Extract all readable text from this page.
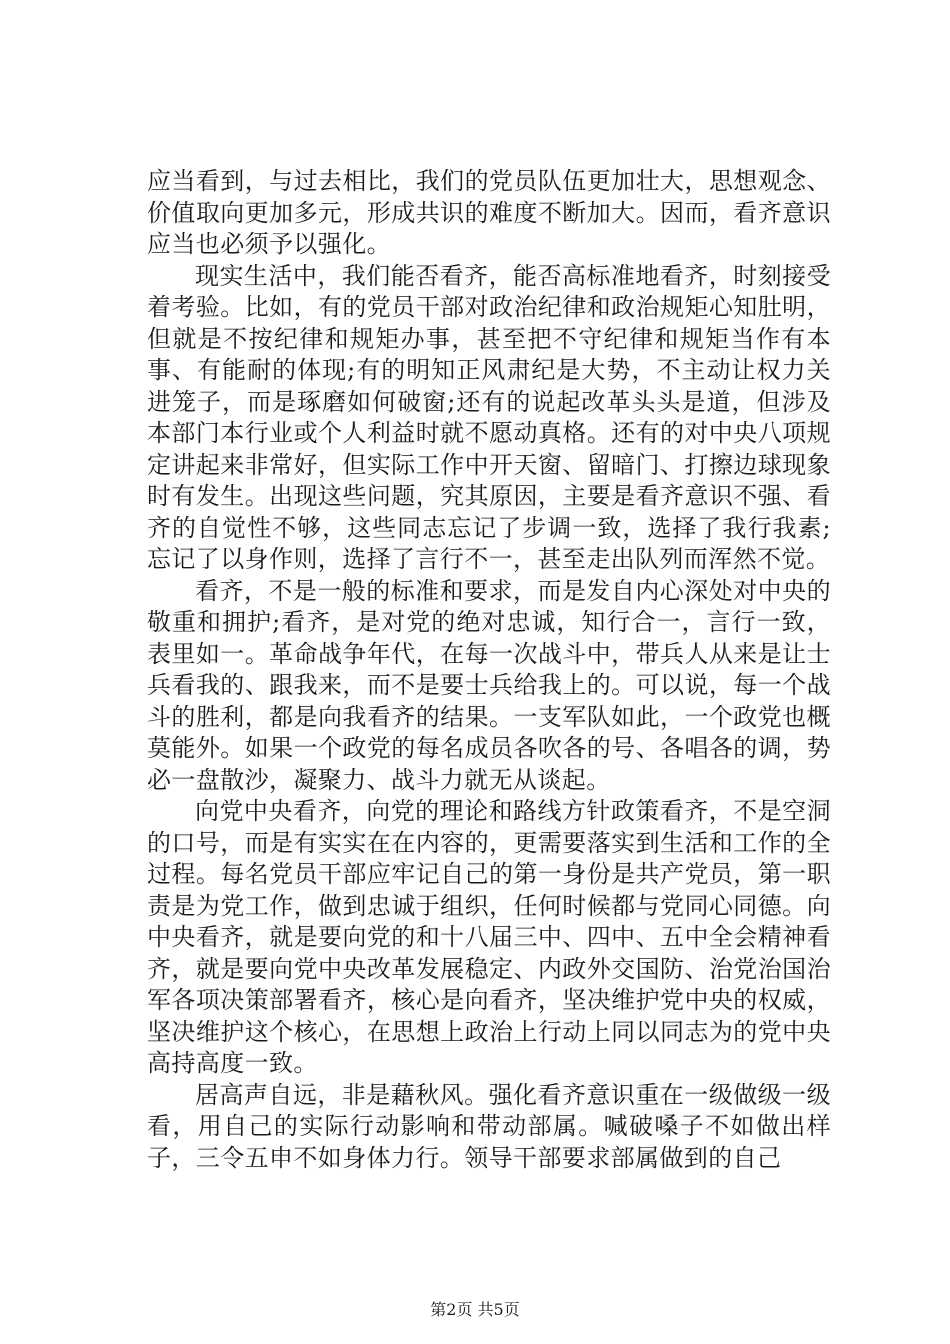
应当看到，与过去相比，我们的党员队伍更加壮大，思想观念、价值取向更加多元，形成共识的难度不断加大。因而，看齐意识应当也必须予以强化。

现实生活中，我们能否看齐，能否高标准地看齐，时刻接受着考验。比如，有的党员干部对政治纪律和政治规矩心知肚明，但就是不按纪律和规矩办事，甚至把不守纪律和规矩当作有本事、有能耐的体现;有的明知正风肃纪是大势，不主动让权力关进笼子，而是琢磨如何破窗;还有的说起改革头头是道，但涉及本部门本行业或个人利益时就不愿动真格。还有的对中央八项规定讲起来非常好，但实际工作中开天窗、留暗门、打擦边球现象时有发生。出现这些问题，究其原因，主要是看齐意识不强、看齐的自觉性不够，这些同志忘记了步调一致，选择了我行我素;忘记了以身作则，选择了言行不一，甚至走出队列而浑然不觉。

看齐，不是一般的标准和要求，而是发自内心深处对中央的敬重和拥护;看齐，是对党的绝对忠诚，知行合一，言行一致，表里如一。革命战争年代，在每一次战斗中，带兵人从来是让士兵看我的、跟我来，而不是要士兵给我上的。可以说，每一个战斗的胜利，都是向我看齐的结果。一支军队如此，一个政党也概莫能外。如果一个政党的每名成员各吹各的号、各唱各的调，势必一盘散沙，凝聚力、战斗力就无从谈起。

向党中央看齐，向党的理论和路线方针政策看齐，不是空洞的口号，而是有实实在在内容的，更需要落实到生活和工作的全过程。每名党员干部应牢记自己的第一身份是共产党员，第一职责是为党工作，做到忠诚于组织，任何时候都与党同心同德。向中央看齐，就是要向党的和十八届三中、四中、五中全会精神看齐，就是要向党中央改革发展稳定、内政外交国防、治党治国治军各项决策部署看齐，核心是向看齐，坚决维护党中央的权威，坚决维护这个核心，在思想上政治上行动上同以同志为的党中央高持高度一致。

居高声自远，非是藉秋风。强化看齐意识重在一级做级一级看，用自己的实际行动影响和带动部属。喊破嗓子不如做出样子，三令五申不如身体力行。领导干部要求部属做到的自己

第2页 共5页
